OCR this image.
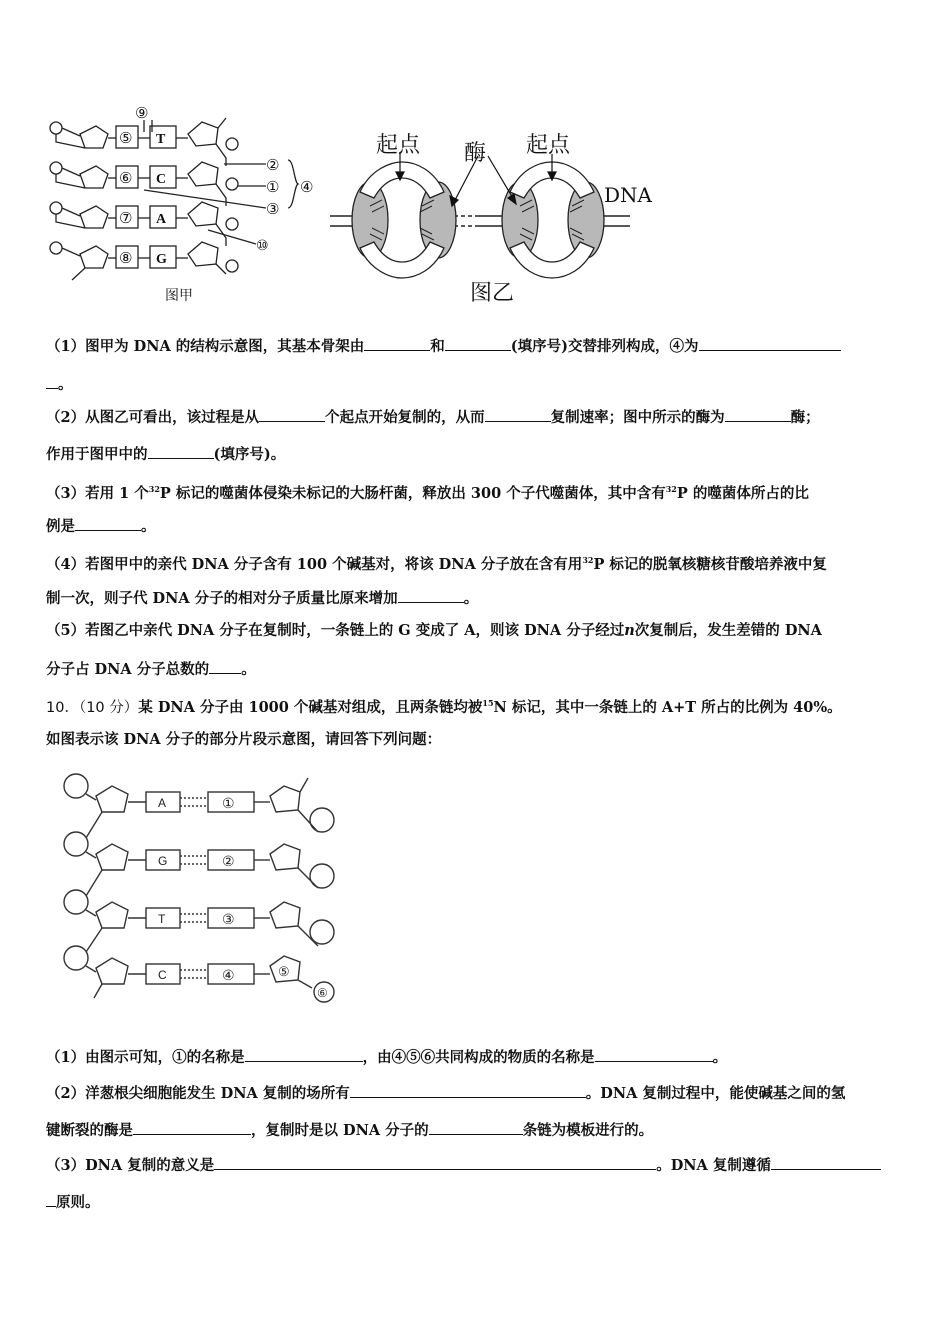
⑨
⑤
⑥
⑦
⑧
T
C
A
G
②
①
③
④
⑩
图甲
起点 酶 起点
DNA
图乙
（1）图甲为 DNA 的结构示意图，其基本骨架由	和	(填序号)交替排列构成，④为
。
（2）从图乙可看出，该过程是从	个起点开始复制的，从而	复制速率；图中所示的酶为	酶；
作用于图甲中的	(填序号)。
（3）若用 1 个$^{32}$P 标记的噬菌体侵染未标记的大肠杆菌，释放出 300 个子代噬菌体，其中含有$^{32}$P 的噬菌体所占的比
例是	。
（4）若图甲中的亲代 DNA 分子含有 100 个碱基对，将该 DNA 分子放在含有用$^{32}$P 标记的脱氧核糖核苷酸培养液中复
制一次，则子代 DNA 分子的相对分子质量比原来增加	。
（5）若图乙中亲代 DNA 分子在复制时，一条链上的 G 变成了 A，则该 DNA 分子经过n次复制后，发生差错的 DNA
分子占 DNA 分子总数的 。
10．（10 分）某 DNA 分子由 1000 个碱基对组成，且两条链均被$^{15}$N 标记，其中一条链上的 A+T 所占的比例为 40%。
如图表示该 DNA 分子的部分片段示意图，请回答下列问题：
A
G
T
C
①
②
③
④	⑤
⑥
（1）由图示可知，①的名称是	，由④⑤⑥共同构成的物质的名称是	。
（2）洋葱根尖细胞能发生 DNA 复制的场所有	。DNA 复制过程中，能使碱基之间的氢
键断裂的酶是	，复制时是以 DNA 分子的	条链为模板进行的。
（3）DNA 复制的意义是	。DNA 复制遵循
原则。
